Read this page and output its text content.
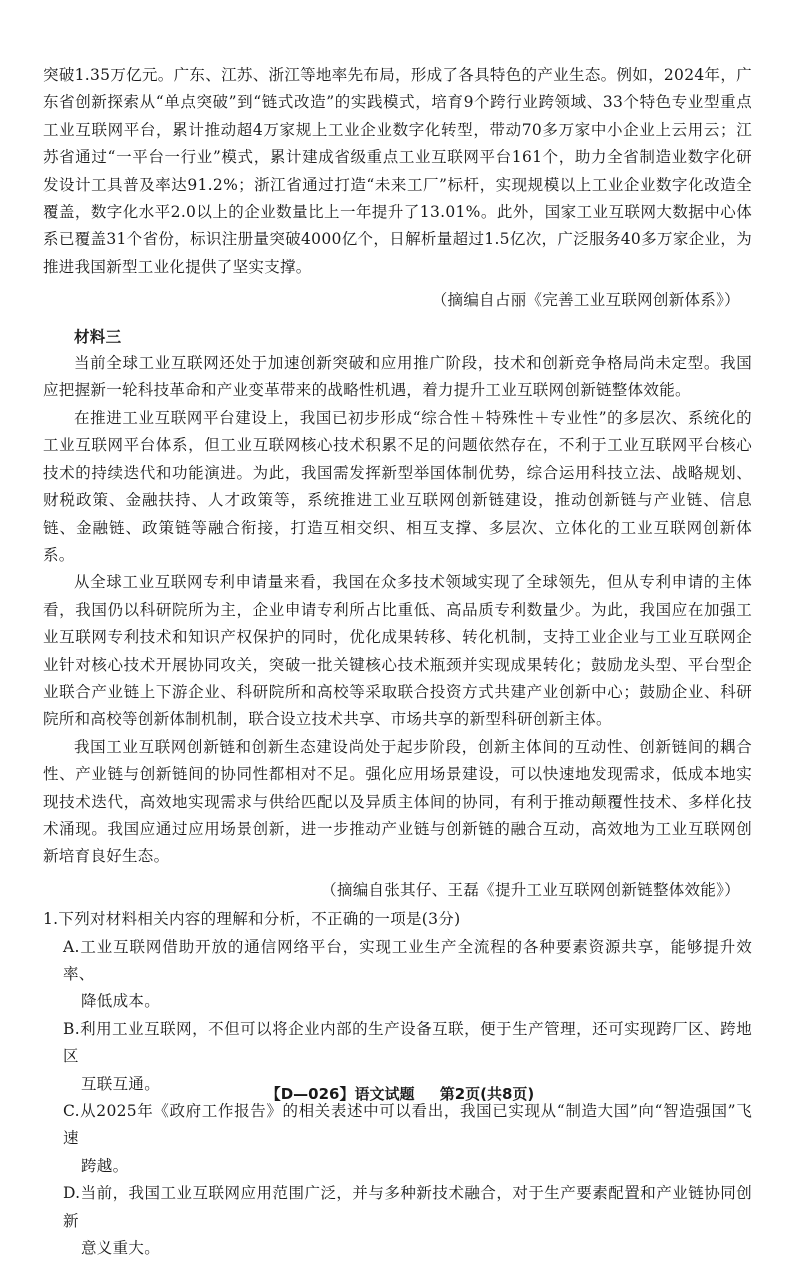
突破1.35万亿元。广东、江苏、浙江等地率先布局，形成了各具特色的产业生态。例如，2024年，广东省创新探索从“单点突破”到“链式改造”的实践模式，培育9个跨行业跨领域、33个特色专业型重点工业互联网平台，累计推动超4万家规上工业企业数字化转型，带动70多万家中小企业上云用云；江苏省通过“一平台一行业”模式，累计建成省级重点工业互联网平台161个，助力全省制造业数字化研发设计工具普及率达91.2%；浙江省通过打造“未来工厂”标杆，实现规模以上工业企业数字化改造全覆盖，数字化水平2.0以上的企业数量比上一年提升了13.01%。此外，国家工业互联网大数据中心体系已覆盖31个省份，标识注册量突破4000亿个，日解析量超过1.5亿次，广泛服务40多万家企业，为推进我国新型工业化提供了坚实支撑。

（摘编自占丽《完善工业互联网创新体系》）

材料三

当前全球工业互联网还处于加速创新突破和应用推广阶段，技术和创新竞争格局尚未定型。我国应把握新一轮科技革命和产业变革带来的战略性机遇，着力提升工业互联网创新链整体效能。

在推进工业互联网平台建设上，我国已初步形成“综合性＋特殊性＋专业性”的多层次、系统化的工业互联网平台体系，但工业互联网核心技术积累不足的问题依然存在，不利于工业互联网平台核心技术的持续迭代和功能演进。为此，我国需发挥新型举国体制优势，综合运用科技立法、战略规划、财税政策、金融扶持、人才政策等，系统推进工业互联网创新链建设，推动创新链与产业链、信息链、金融链、政策链等融合衔接，打造互相交织、相互支撑、多层次、立体化的工业互联网创新体系。

从全球工业互联网专利申请量来看，我国在众多技术领域实现了全球领先，但从专利申请的主体看，我国仍以科研院所为主，企业申请专利所占比重低、高品质专利数量少。为此，我国应在加强工业互联网专利技术和知识产权保护的同时，优化成果转移、转化机制，支持工业企业与工业互联网企业针对核心技术开展协同攻关，突破一批关键核心技术瓶颈并实现成果转化；鼓励龙头型、平台型企业联合产业链上下游企业、科研院所和高校等采取联合投资方式共建产业创新中心；鼓励企业、科研院所和高校等创新体制机制，联合设立技术共享、市场共享的新型科研创新主体。

我国工业互联网创新链和创新生态建设尚处于起步阶段，创新主体间的互动性、创新链间的耦合性、产业链与创新链间的协同性都相对不足。强化应用场景建设，可以快速地发现需求，低成本地实现技术迭代，高效地实现需求与供给匹配以及异质主体间的协同，有利于推动颠覆性技术、多样化技术涌现。我国应通过应用场景创新，进一步推动产业链与创新链的融合互动，高效地为工业互联网创新培育良好生态。

（摘编自张其仔、王磊《提升工业互联网创新链整体效能》）

1.下列对材料相关内容的理解和分析，不正确的一项是(3分)

A.工业互联网借助开放的通信网络平台，实现工业生产全流程的各种要素资源共享，能够提升效率、
降低成本。

B.利用工业互联网，不但可以将企业内部的生产设备互联，便于生产管理，还可实现跨厂区、跨地区
互联互通。

C.从2025年《政府工作报告》的相关表述中可以看出，我国已实现从“制造大国”向“智造强国”飞速
跨越。

D.当前，我国工业互联网应用范围广泛，并与多种新技术融合，对于生产要素配置和产业链协同创新
意义重大。

【D—026】语文试题 第2页(共8页)
